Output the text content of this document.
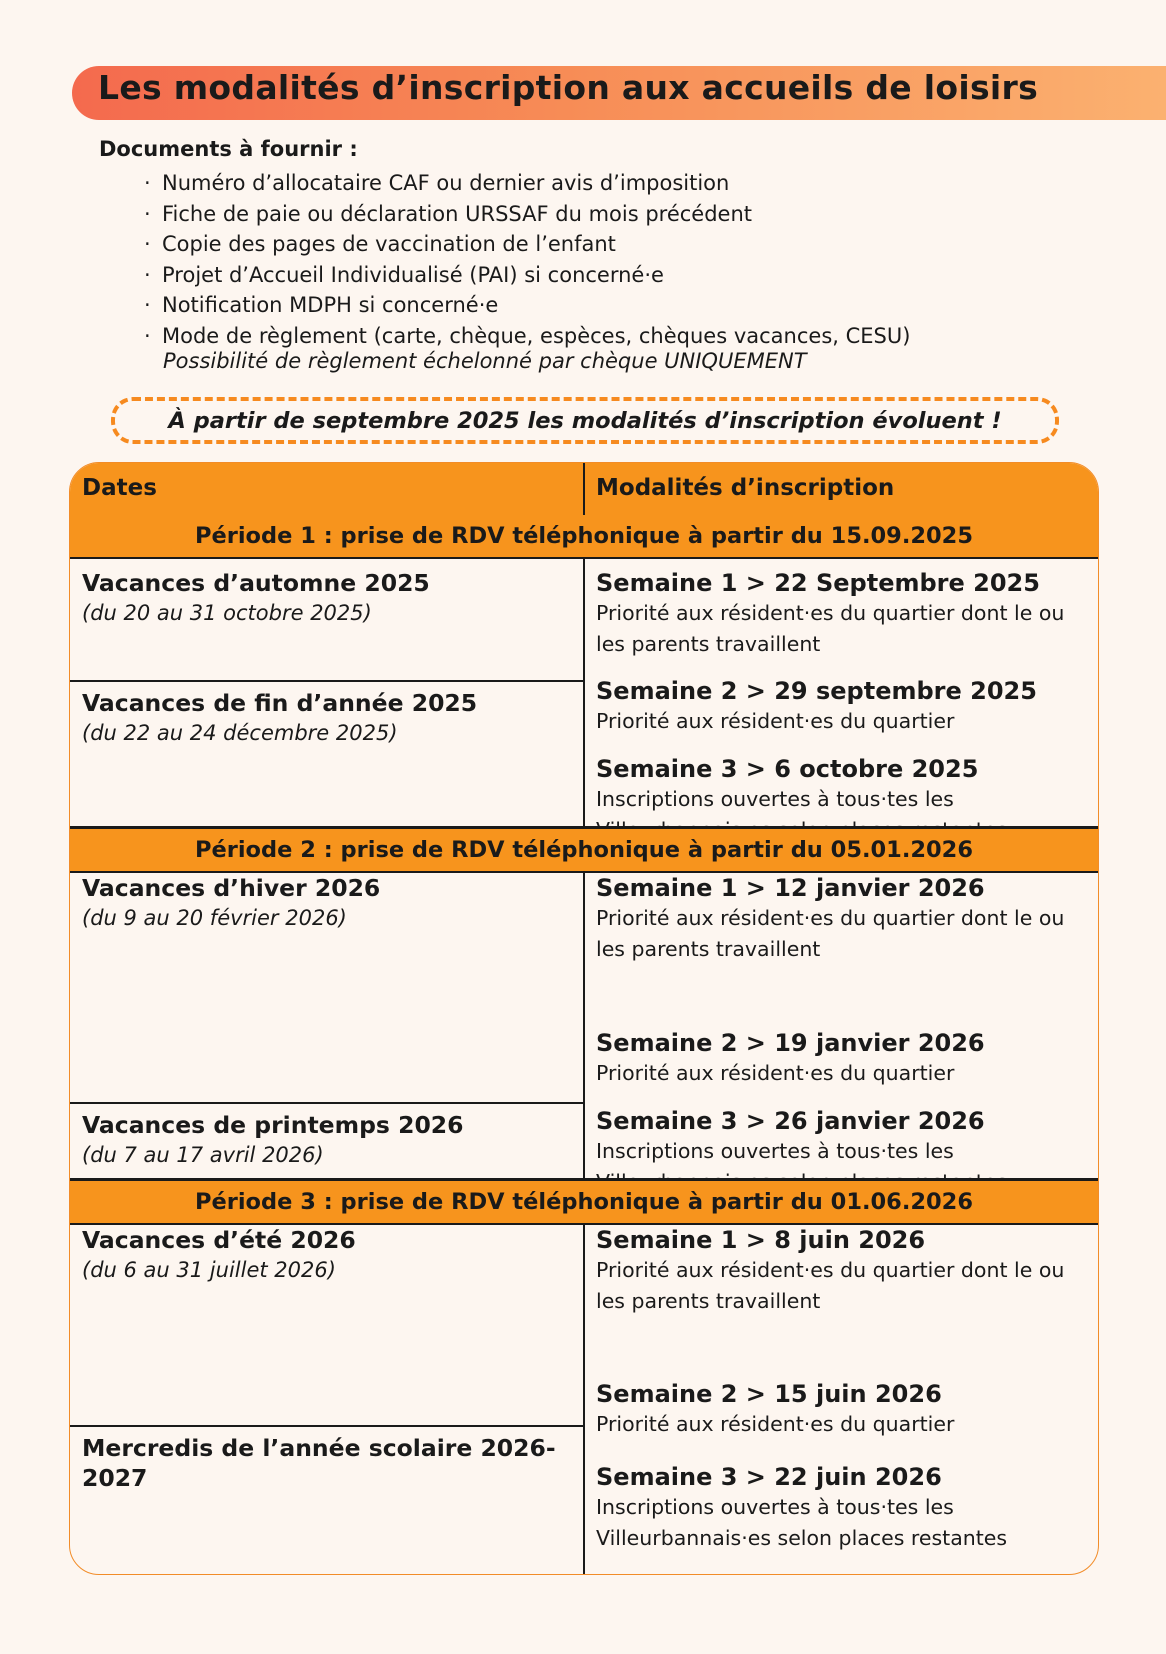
Les modalités d’inscription aux accueils de loisirs
Documents à fournir :
· Numéro d’allocataire CAF ou dernier avis d’imposition
· Fiche de paie ou déclaration URSSAF du mois précédent
· Copie des pages de vaccination de l’enfant
· Projet d’Accueil Individualisé (PAI) si concerné·e
· Notification MDPH si concerné·e
· Mode de règlement (carte, chèque, espèces, chèques vacances, CESU)
Possibilité de règlement échelonné par chèque UNIQUEMENT
À partir de septembre 2025 les modalités d’inscription évoluent !
Dates	Modalités d’inscription
Période 1 : prise de RDV téléphonique à partir du 15.09.2025
Vacances d’automne 2025
(du 20 au 31 octobre 2025)
Vacances de fin d’année 2025
(du 22 au 24 décembre 2025)
Semaine 1 > 22 Septembre 2025
Priorité aux résident·es du quartier dont le ou les parents travaillent
Semaine 2 > 29 septembre 2025
Priorité aux résident·es du quartier
Semaine 3 > 6 octobre 2025
Inscriptions ouvertes à tous·tes les
Période 2 : prise de RDV téléphonique à partir du 05.01.2026
Vacances d’hiver 2026
(du 9 au 20 février 2026)
Vacances de printemps 2026
(du 7 au 17 avril 2026)
Semaine 1 > 12 janvier 2026
Priorité aux résident·es du quartier dont le ou les parents travaillent
Semaine 2 > 19 janvier 2026
Priorité aux résident·es du quartier
Semaine 3 > 26 janvier 2026
Inscriptions ouvertes à tous·tes les
Période 3 : prise de RDV téléphonique à partir du 01.06.2026
Vacances d’été 2026
(du 6 au 31 juillet 2026)
Mercredis de l’année scolaire 2026-2027
Semaine 1 > 8 juin 2026
Priorité aux résident·es du quartier dont le ou les parents travaillent
Semaine 2 > 15 juin 2026
Priorité aux résident·es du quartier
Semaine 3 > 22 juin 2026
Inscriptions ouvertes à tous·tes les Villeurbannais·es selon places restantes
